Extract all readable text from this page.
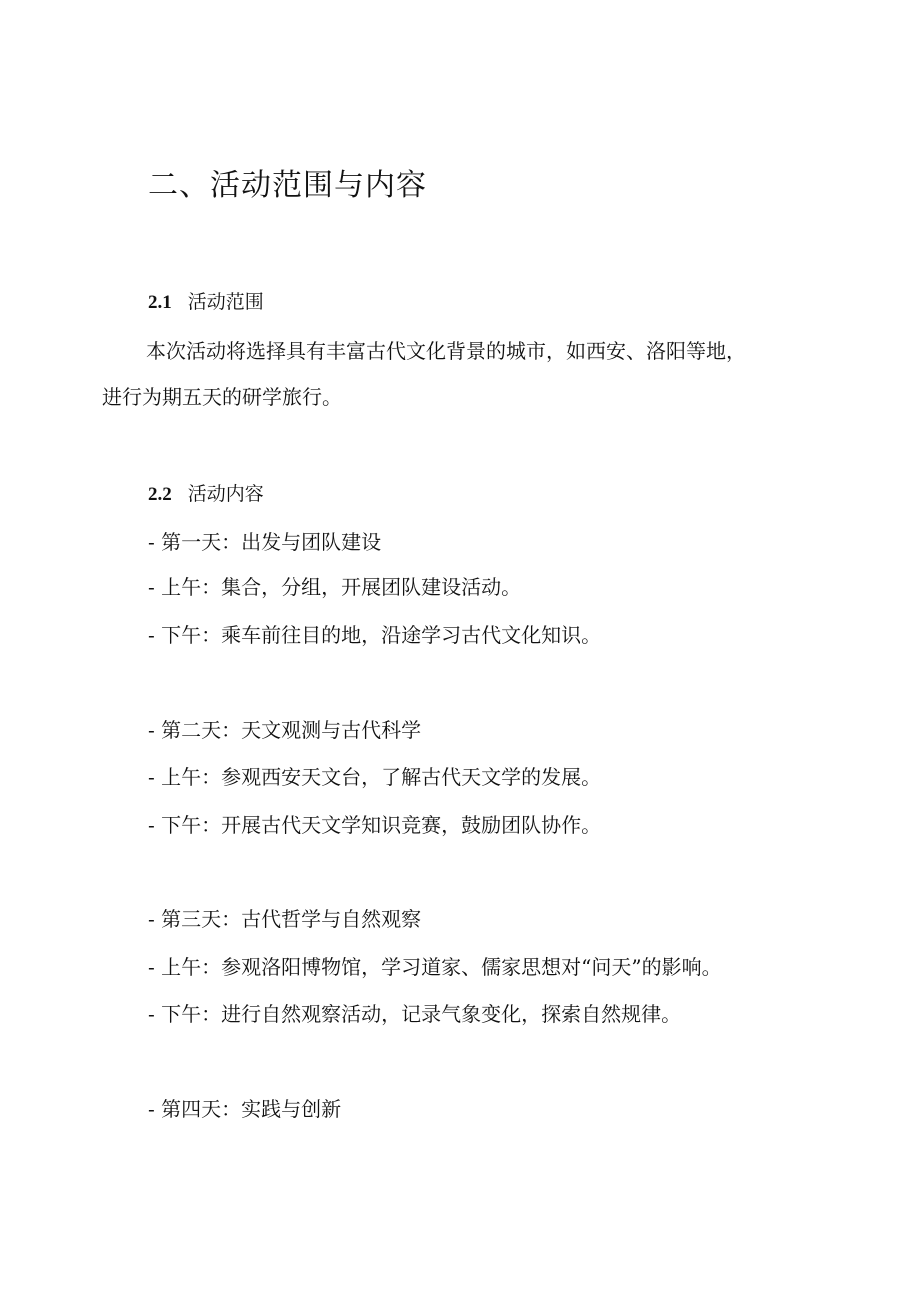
二、活动范围与内容
2.1 活动范围
本次活动将选择具有丰富古代文化背景的城市，如西安、洛阳等地，
进行为期五天的研学旅行。
2.2 活动内容
- 第一天：出发与团队建设
- 上午：集合，分组，开展团队建设活动。
- 下午：乘车前往目的地，沿途学习古代文化知识。
- 第二天：天文观测与古代科学
- 上午：参观西安天文台，了解古代天文学的发展。
- 下午：开展古代天文学知识竞赛，鼓励团队协作。
- 第三天：古代哲学与自然观察
- 上午：参观洛阳博物馆，学习道家、儒家思想对“问天”的影响。
- 下午：进行自然观察活动，记录气象变化，探索自然规律。
- 第四天：实践与创新
